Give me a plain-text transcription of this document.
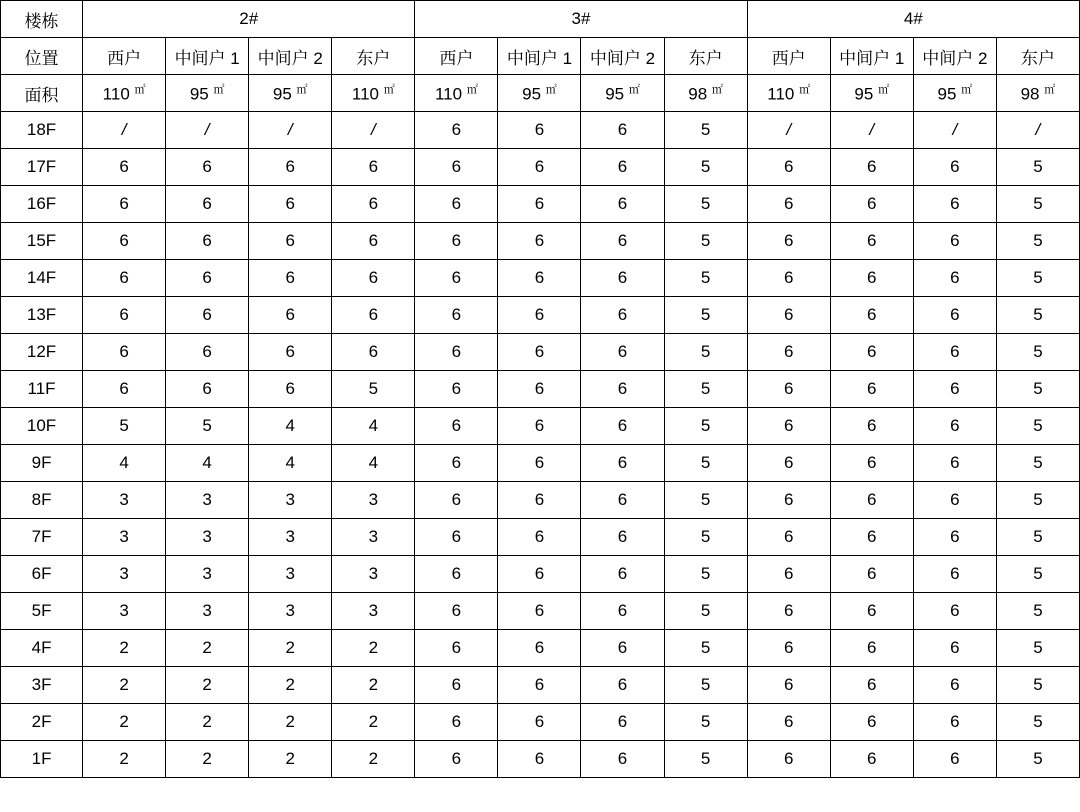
楼栋	2#				3#				4#			
位置	西户	中间户 1	中间户 2	东户	西户	中间户 1	中间户 2	东户	西户	中间户 1	中间户 2	东户
面积	110 ㎡	95 ㎡	95 ㎡	110 ㎡	110 ㎡	95 ㎡	95 ㎡	98 ㎡	110 ㎡	95 ㎡	95 ㎡	98 ㎡
18F	/	/	/	/	6	6	6	5	/	/	/	/
17F	6	6	6	6	6	6	6	5	6	6	6	5
16F	6	6	6	6	6	6	6	5	6	6	6	5
15F	6	6	6	6	6	6	6	5	6	6	6	5
14F	6	6	6	6	6	6	6	5	6	6	6	5
13F	6	6	6	6	6	6	6	5	6	6	6	5
12F	6	6	6	6	6	6	6	5	6	6	6	5
11F	6	6	6	5	6	6	6	5	6	6	6	5
10F	5	5	4	4	6	6	6	5	6	6	6	5
9F	4	4	4	4	6	6	6	5	6	6	6	5
8F	3	3	3	3	6	6	6	5	6	6	6	5
7F	3	3	3	3	6	6	6	5	6	6	6	5
6F	3	3	3	3	6	6	6	5	6	6	6	5
5F	3	3	3	3	6	6	6	5	6	6	6	5
4F	2	2	2	2	6	6	6	5	6	6	6	5
3F	2	2	2	2	6	6	6	5	6	6	6	5
2F	2	2	2	2	6	6	6	5	6	6	6	5
1F	2	2	2	2	6	6	6	5	6	6	6	5
